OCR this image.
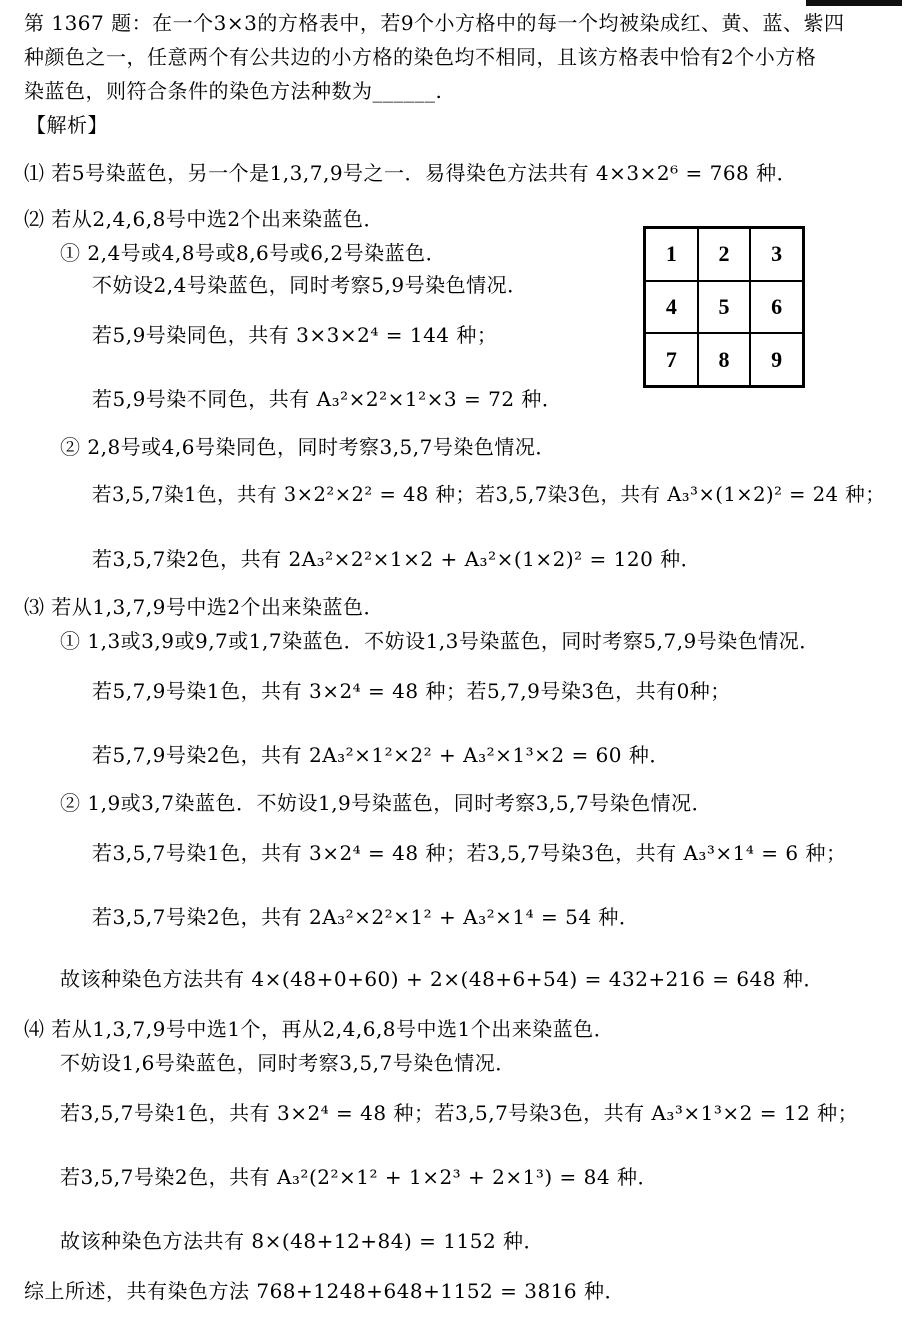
第 1367 题：在一个3×3的方格表中，若9个小方格中的每一个均被染成红、黄、蓝、紫四
种颜色之一，任意两个有公共边的小方格的染色均不相同，且该方格表中恰有2个小方格
染蓝色，则符合条件的染色方法种数为______.
【解析】
1	2	3
4	5	6
7	8	9
⑴ 若5号染蓝色，另一个是1,3,7,9号之一．易得染色方法共有 4×3×2⁶ = 768 种．
⑵ 若从2,4,6,8号中选2个出来染蓝色．
① 2,4号或4,8号或8,6号或6,2号染蓝色．
不妨设2,4号染蓝色，同时考察5,9号染色情况．
若5,9号染同色，共有 3×3×2⁴ = 144 种；
若5,9号染不同色，共有 A₃²×2²×1²×3 = 72 种．
② 2,8号或4,6号染同色，同时考察3,5,7号染色情况．
若3,5,7染1色，共有 3×2²×2² = 48 种；若3,5,7染3色，共有 A₃³×(1×2)² = 24 种；
若3,5,7染2色，共有 2A₃²×2²×1×2 + A₃²×(1×2)² = 120 种．
⑶ 若从1,3,7,9号中选2个出来染蓝色．
① 1,3或3,9或9,7或1,7染蓝色．不妨设1,3号染蓝色，同时考察5,7,9号染色情况．
若5,7,9号染1色，共有 3×2⁴ = 48 种；若5,7,9号染3色，共有0种；
若5,7,9号染2色，共有 2A₃²×1²×2² + A₃²×1³×2 = 60 种．
② 1,9或3,7染蓝色．不妨设1,9号染蓝色，同时考察3,5,7号染色情况．
若3,5,7号染1色，共有 3×2⁴ = 48 种；若3,5,7号染3色，共有 A₃³×1⁴ = 6 种；
若3,5,7号染2色，共有 2A₃²×2²×1² + A₃²×1⁴ = 54 种．
故该种染色方法共有 4×(48+0+60) + 2×(48+6+54) = 432+216 = 648 种．
⑷ 若从1,3,7,9号中选1个，再从2,4,6,8号中选1个出来染蓝色．
不妨设1,6号染蓝色，同时考察3,5,7号染色情况．
若3,5,7号染1色，共有 3×2⁴ = 48 种；若3,5,7号染3色，共有 A₃³×1³×2 = 12 种；
若3,5,7号染2色，共有 A₃²(2²×1² + 1×2³ + 2×1³) = 84 种．
故该种染色方法共有 8×(48+12+84) = 1152 种．
综上所述，共有染色方法 768+1248+648+1152 = 3816 种．
